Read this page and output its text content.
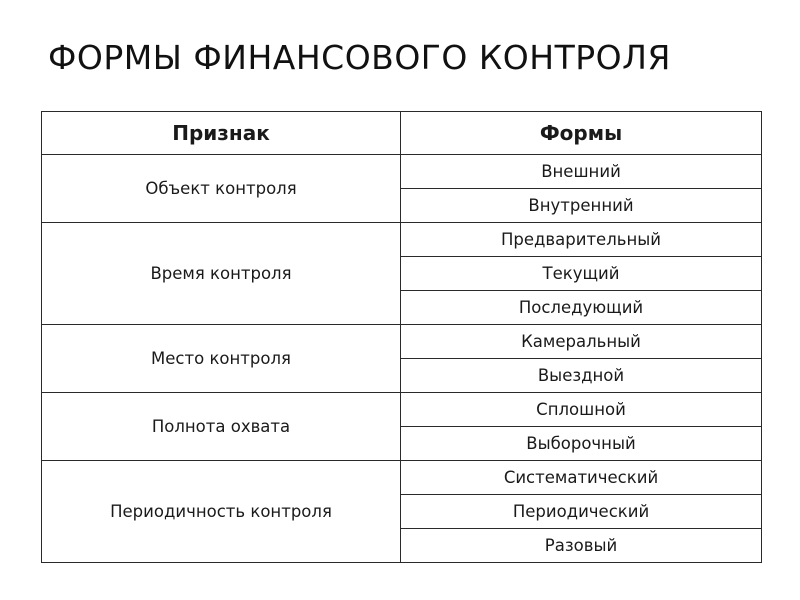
ФОРМЫ ФИНАНСОВОГО КОНТРОЛЯ
Признак	Формы
Объект контроля	Внешний
	Внутренний
Время контроля	Предварительный
	Текущий
	Последующий
Место контроля	Камеральный
	Выездной
Полнота охвата	Сплошной
	Выборочный
Периодичность контроля	Систематический
	Периодический
	Разовый
